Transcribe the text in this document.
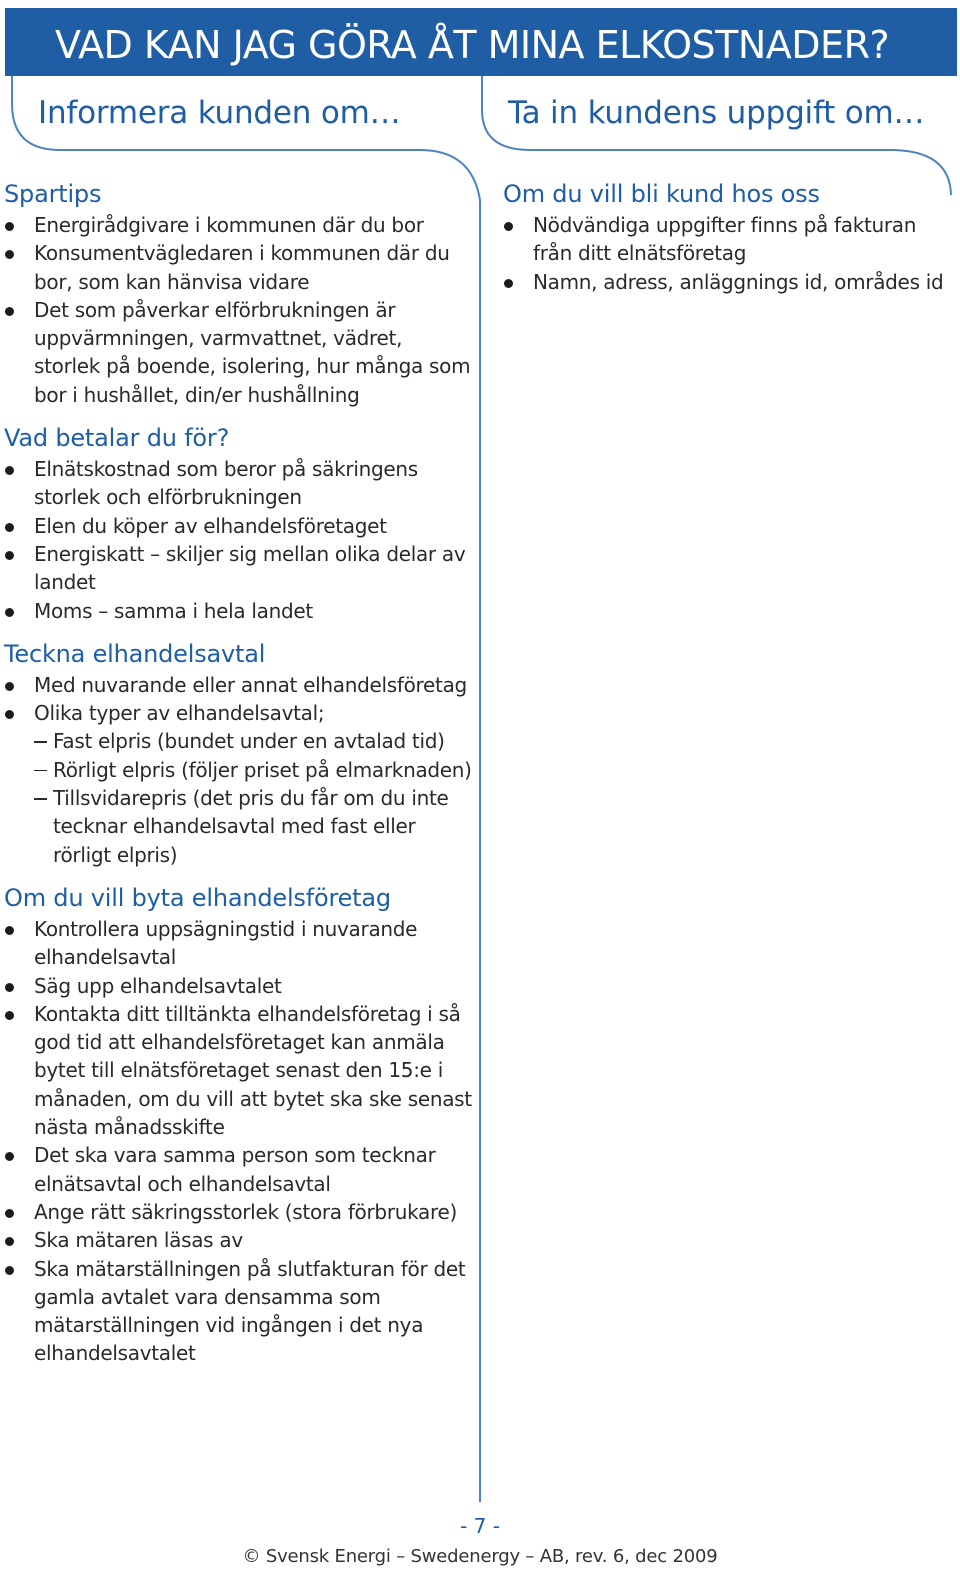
VAD KAN JAG GÖRA ÅT MINA ELKOSTNADER?
Informera kunden om…	Ta in kundens uppgift om…
Spartips
Energirådgivare i kommunen där du bor
Konsumentvägledaren i kommunen där du bor, som kan hänvisa vidare
Det som påverkar elförbrukningen är uppvärmningen, varmvattnet, vädret, storlek på boende, isolering, hur många som bor i hushållet, din/er hushållning
Vad betalar du för?
Elnätskostnad som beror på säkringens storlek och elförbrukningen
Elen du köper av elhandelsföretaget
Energiskatt – skiljer sig mellan olika delar av landet
Moms – samma i hela landet
Teckna elhandelsavtal
Med nuvarande eller annat elhandelsföretag
Olika typer av elhandelsavtal;
Fast elpris (bundet under en avtalad tid)
Rörligt elpris (följer priset på elmarknaden)
Tillsvidarepris (det pris du får om du inte tecknar elhandelsavtal med fast eller rörligt elpris)
Om du vill byta elhandelsföretag
Kontrollera uppsägningstid i nuvarande elhandelsavtal
Säg upp elhandelsavtalet
Kontakta ditt tilltänkta elhandelsföretag i så god tid att elhandelsföretaget kan anmäla bytet till elnätsföretaget senast den 15:e i månaden, om du vill att bytet ska ske senast nästa månadsskifte
Det ska vara samma person som tecknar elnätsavtal och elhandelsavtal
Ange rätt säkringsstorlek (stora förbrukare)
Ska mätaren läsas av
Ska mätarställningen på slutfakturan för det gamla avtalet vara densamma som mätarställningen vid ingången i det nya elhandelsavtalet
Om du vill bli kund hos oss
Nödvändiga uppgifter finns på fakturan från ditt elnätsföretag
Namn, adress, anläggnings id, områdes id
- 7 -
© Svensk Energi – Swedenergy – AB, rev. 6, dec 2009
